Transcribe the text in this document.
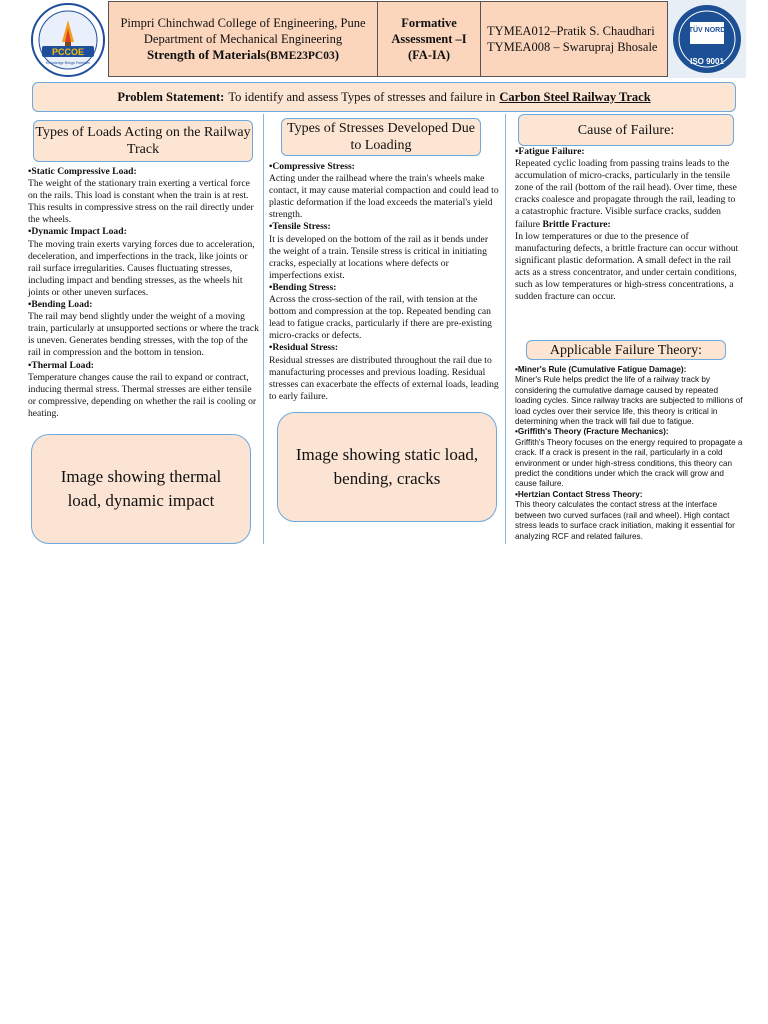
PCCOE
Knowledge Brings Freedom
Pimpri Chinchwad College of Engineering, Pune
Department of Mechanical Engineering
Strength of Materials(BME23PC03)
Formative
Assessment –I
(FA-IA)
TYMEA012–Pratik S. Chaudhari
TYMEA008 – Swarupraj Bhosale
TÜV NORD
ISO 9001
Problem Statement: To identify and assess Types of stresses and failure in Carbon Steel Railway Track
Types of Loads Acting on the Railway Track
•Static Compressive Load:
The weight of the stationary train exerting a vertical force on the rails. This load is constant when the train is at rest. This results in compressive stress on the rail directly under the wheels.
•Dynamic Impact Load:
The moving train exerts varying forces due to acceleration, deceleration, and imperfections in the track, like joints or rail surface irregularities. Causes fluctuating stresses, including impact and bending stresses, as the wheels hit joints or other uneven surfaces.
•Bending Load:
The rail may bend slightly under the weight of a moving train, particularly at unsupported sections or where the track is uneven. Generates bending stresses, with the top of the rail in compression and the bottom in tension.
•Thermal Load:
Temperature changes cause the rail to expand or contract, inducing thermal stress. Thermal stresses are either tensile or compressive, depending on whether the rail is cooling or heating.
Image showing thermal load, dynamic impact
Types of Stresses Developed Due to Loading
•Compressive Stress:
Acting under the railhead where the train's wheels make contact, it may cause material compaction and could lead to plastic deformation if the load exceeds the material's yield strength.
•Tensile Stress:
It is developed on the bottom of the rail as it bends under the weight of a train. Tensile stress is critical in initiating cracks, especially at locations where defects or imperfections exist.
•Bending Stress:
Across the cross-section of the rail, with tension at the bottom and compression at the top. Repeated bending can lead to fatigue cracks, particularly if there are pre-existing micro-cracks or defects.
•Residual Stress:
Residual stresses are distributed throughout the rail due to manufacturing processes and previous loading. Residual stresses can exacerbate the effects of external loads, leading to early failure.
Image showing static load, bending, cracks
Cause of Failure:
•Fatigue Failure:
Repeated cyclic loading from passing trains leads to the accumulation of micro-cracks, particularly in the tensile zone of the rail (bottom of the rail head). Over time, these cracks coalesce and propagate through the rail, leading to a catastrophic fracture. Visible surface cracks, sudden failure Brittle Fracture:
In low temperatures or due to the presence of manufacturing defects, a brittle fracture can occur without significant plastic deformation. A small defect in the rail acts as a stress concentrator, and under certain conditions, such as low temperatures or high-stress concentrations, a sudden fracture can occur.
Applicable Failure Theory:
•Miner's Rule (Cumulative Fatigue Damage):
Miner's Rule helps predict the life of a railway track by considering the cumulative damage caused by repeated loading cycles. Since railway tracks are subjected to millions of load cycles over their service life, this theory is critical in determining when the track will fail due to fatigue.
•Griffith's Theory (Fracture Mechanics):
Griffith's Theory focuses on the energy required to propagate a crack. If a crack is present in the rail, particularly in a cold environment or under high-stress conditions, this theory can predict the conditions under which the crack will grow and cause failure.
•Hertzian Contact Stress Theory:
This theory calculates the contact stress at the interface between two curved surfaces (rail and wheel). High contact stress leads to surface crack initiation, making it essential for analyzing RCF and related failures.
